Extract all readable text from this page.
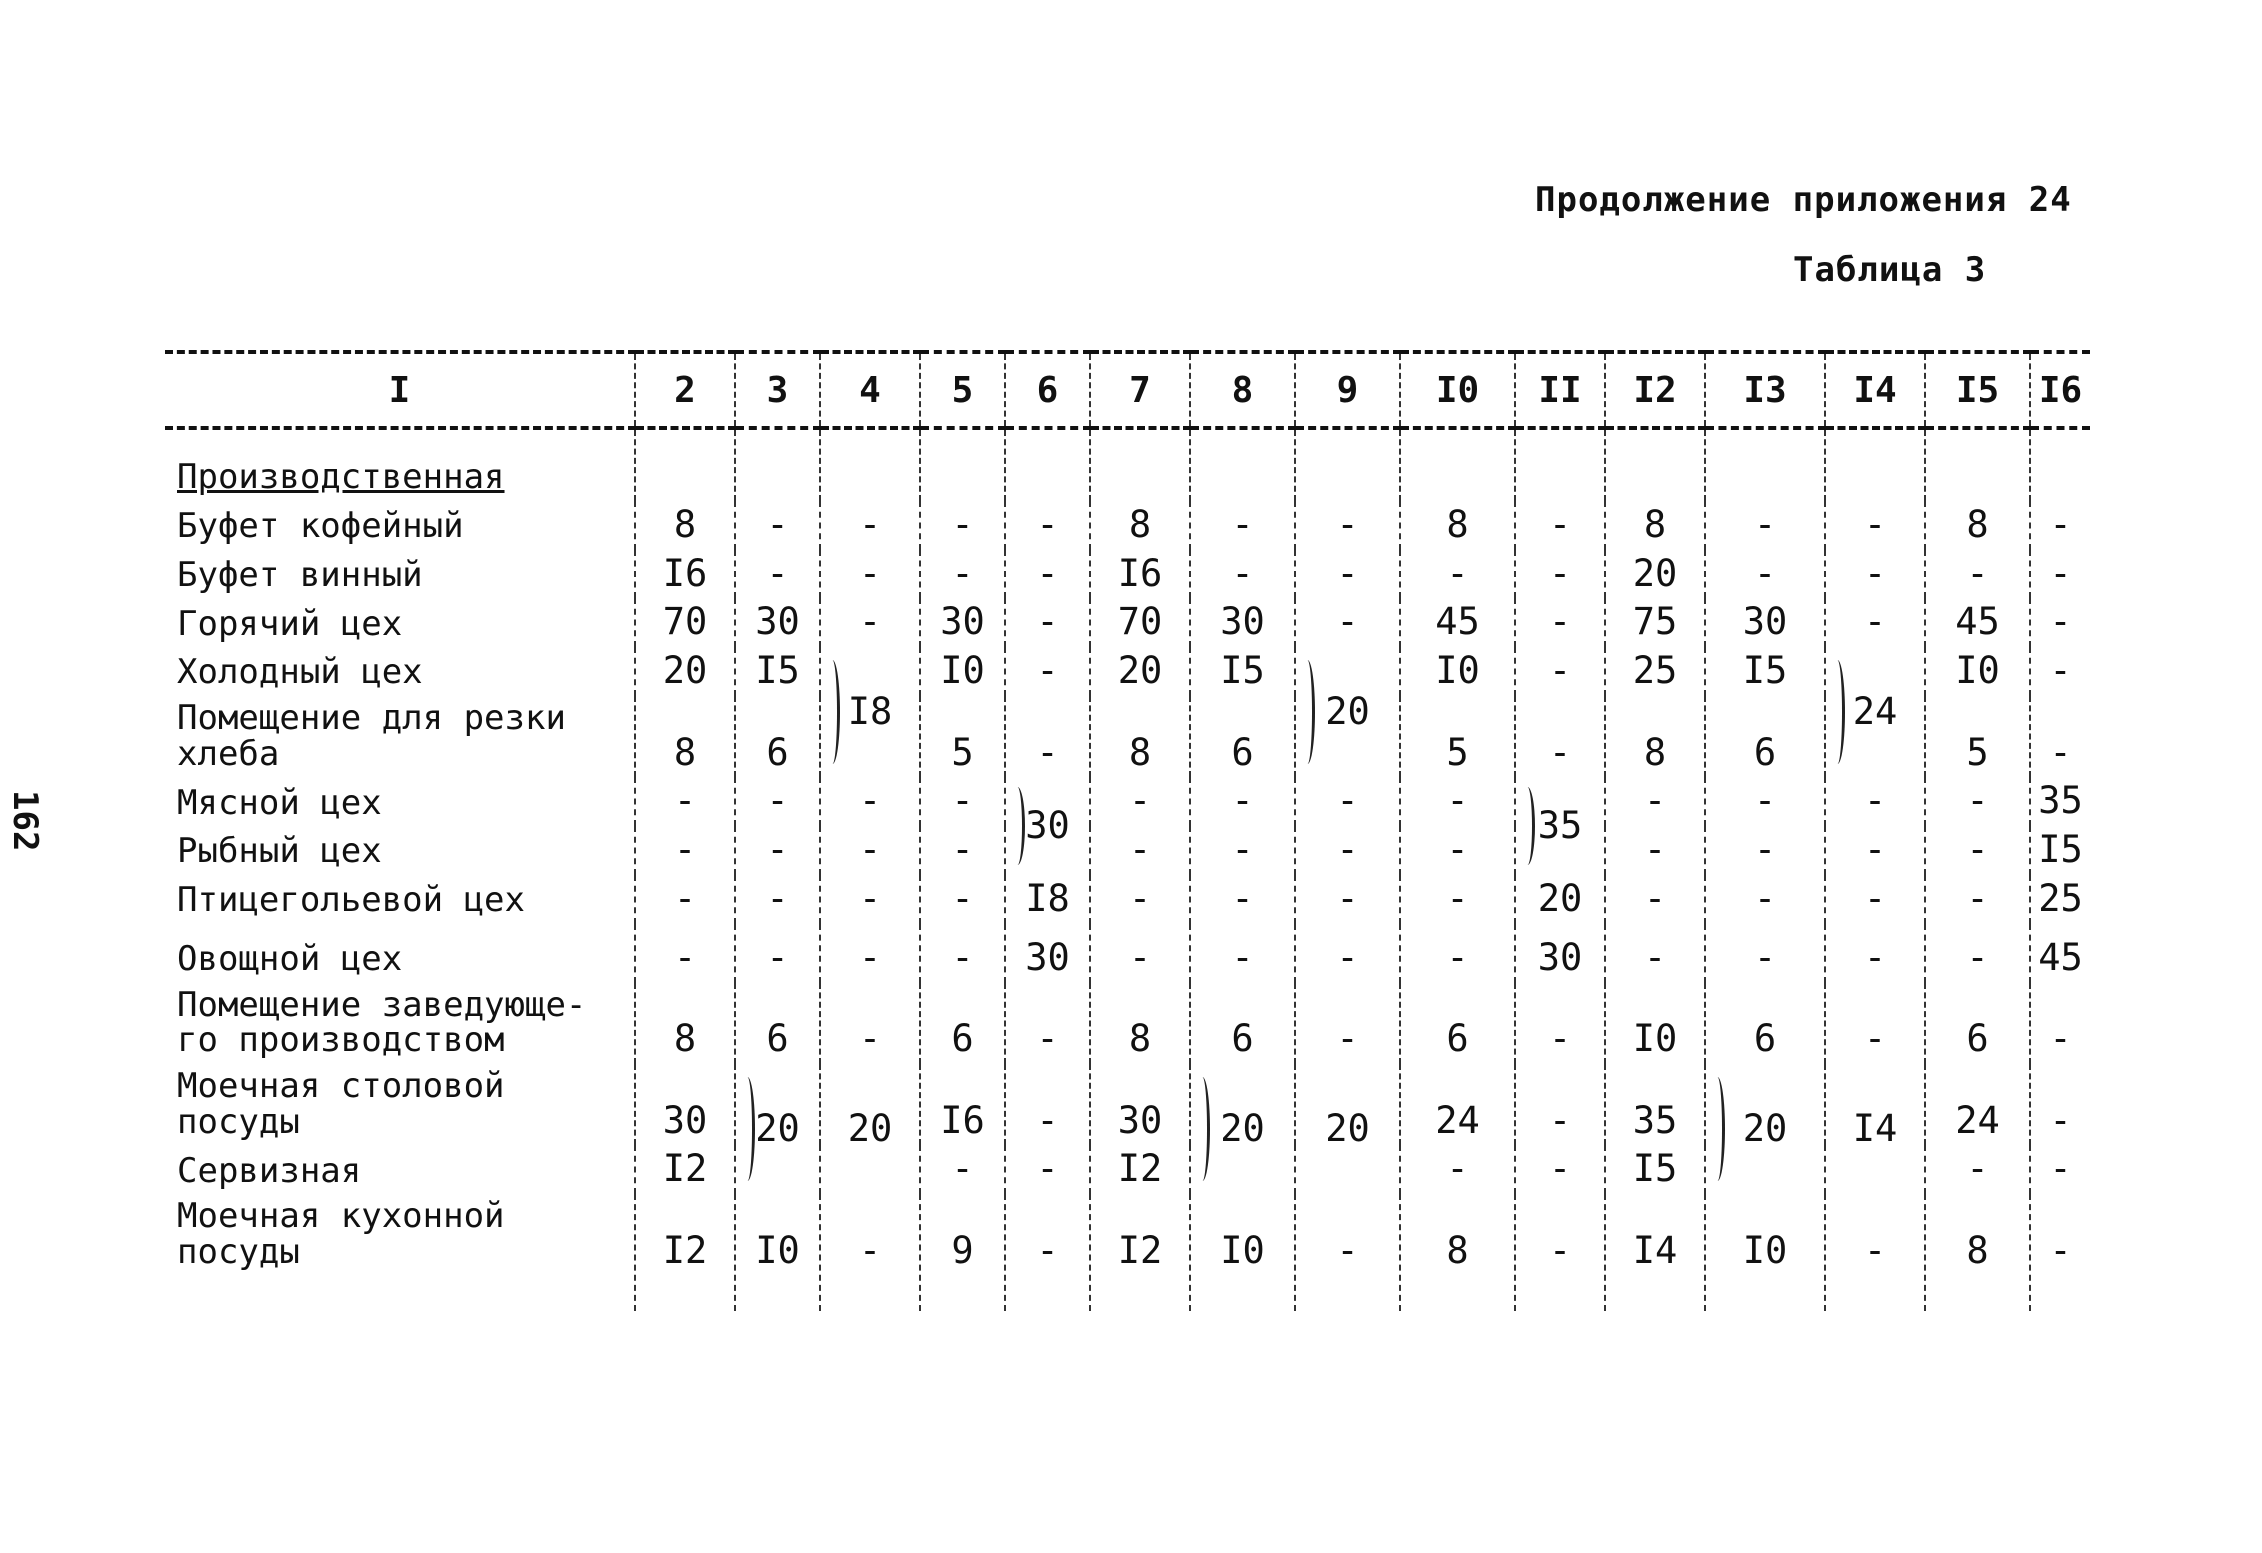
Продолжение приложения 24
Таблица 3
162
I	2	3	4	5	6	7	8	9	I0	II	I2	I3	I4	I5	I6
Производственная															
Буфет кофейный	8	-	-	-	-	8	-	-	8	-	8	-	-	8	-
Буфет винный	I6	-	-	-	-	I6	-	-	-	-	20	-	-	-	-
Горячий цех	70	30	-	30	-	70	30	-	45	-	75	30	-	45	-
Холодный цех	20	I5	I8	I0	-	20	I5	20	I0	-	25	I5	24	I0	-
Помещение для резки
хлеба	8	6		5	-	8	6		5	-	8	6		5	-
Мясной цех	-	-	-	-	30	-	-	-	-	35	-	-	-	-	35
Рыбный цех	-	-	-	-		-	-	-	-		-	-	-	-	I5
Птицегольевой цех	-	-	-	-	I8	-	-	-	-	20	-	-	-	-	25
Овощной цех	-	-	-	-	30	-	-	-	-	30	-	-	-	-	45
Помещение заведующе-
го производством	8	6	-	6	-	8	6	-	6	-	I0	6	-	6	-
Моечная столовой
посуды	30	20	20	I6	-	30	20	20	24	-	35	20	I4	24	-
Сервизная	I2			-	-	I2			-	-	I5			-	-
Моечная кухонной
посуды	I2	I0	-	9	-	I2	I0	-	8	-	I4	I0	-	8	-
